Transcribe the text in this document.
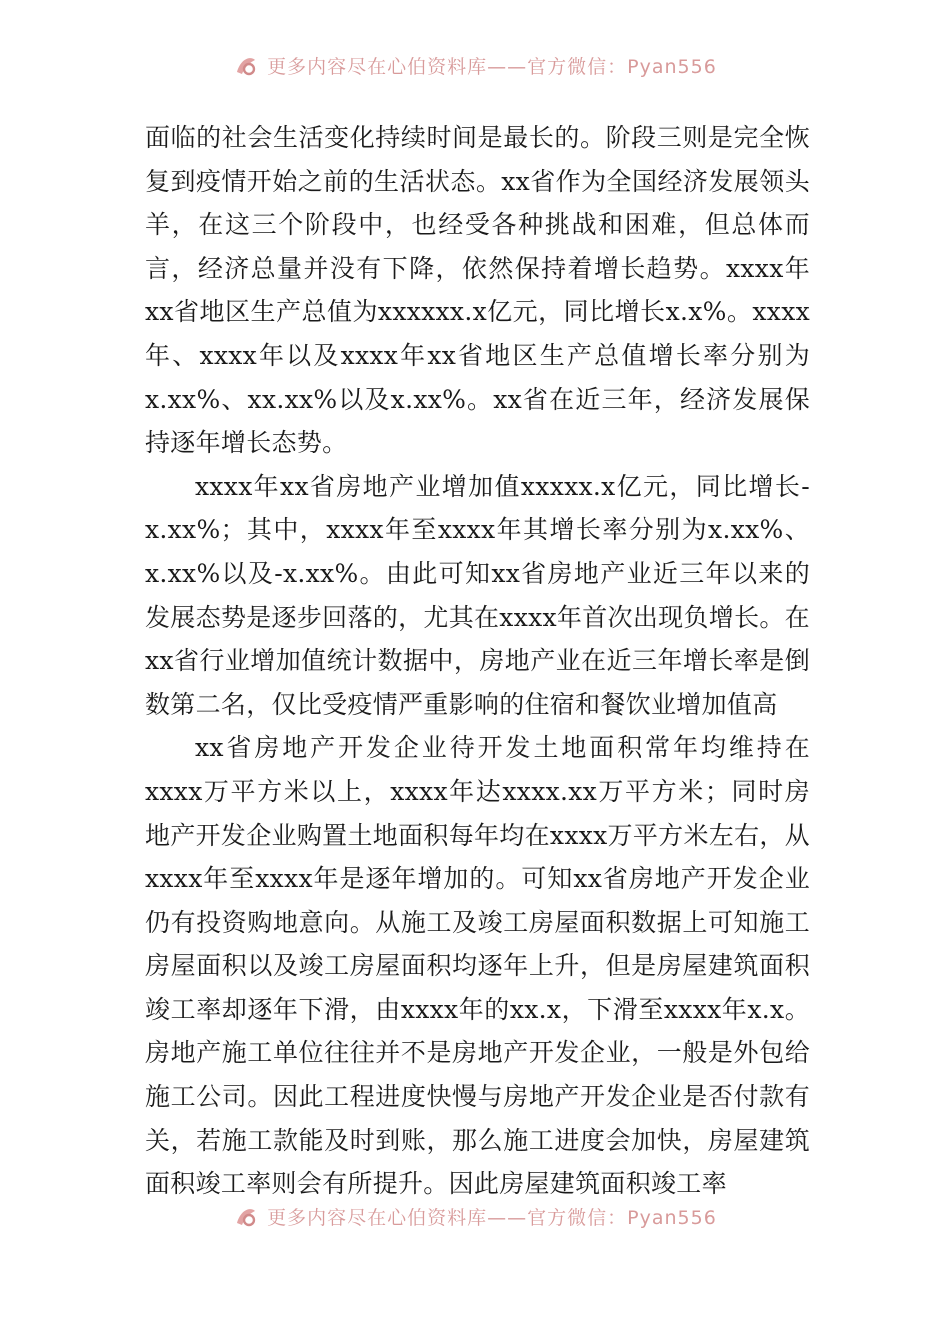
更多内容尽在心伯资料库——官方微信：Pyan556

面临的社会生活变化持续时间是最长的。阶段三则是完全恢复到疫情开始之前的生活状态。xx省作为全国经济发展领头羊，在这三个阶段中，也经受各种挑战和困难，但总体而言，经济总量并没有下降，依然保持着增长趋势。xxxx年xx省地区生产总值为xxxxxx.x亿元，同比增长x.x%。xxxx年、xxxx年以及xxxx年xx省地区生产总值增长率分别为x.xx%、xx.xx%以及x.xx%。xx省在近三年，经济发展保持逐年增长态势。

xxxx年xx省房地产业增加值xxxxx.x亿元，同比增长-x.xx%；其中，xxxx年至xxxx年其增长率分别为x.xx%、x.xx%以及-x.xx%。由此可知xx省房地产业近三年以来的发展态势是逐步回落的，尤其在xxxx年首次出现负增长。在xx省行业增加值统计数据中，房地产业在近三年增长率是倒数第二名，仅比受疫情严重影响的住宿和餐饮业增加值高

xx省房地产开发企业待开发土地面积常年均维持在xxxx万平方米以上，xxxx年达xxxx.xx万平方米；同时房地产开发企业购置土地面积每年均在xxxx万平方米左右，从xxxx年至xxxx年是逐年增加的。可知xx省房地产开发企业仍有投资购地意向。从施工及竣工房屋面积数据上可知施工房屋面积以及竣工房屋面积均逐年上升，但是房屋建筑面积竣工率却逐年下滑，由xxxx年的xx.x，下滑至xxxx年x.x。房地产施工单位往往并不是房地产开发企业，一般是外包给施工公司。因此工程进度快慢与房地产开发企业是否付款有关，若施工款能及时到账，那么施工进度会加快，房屋建筑面积竣工率则会有所提升。因此房屋建筑面积竣工率

更多内容尽在心伯资料库——官方微信：Pyan556
